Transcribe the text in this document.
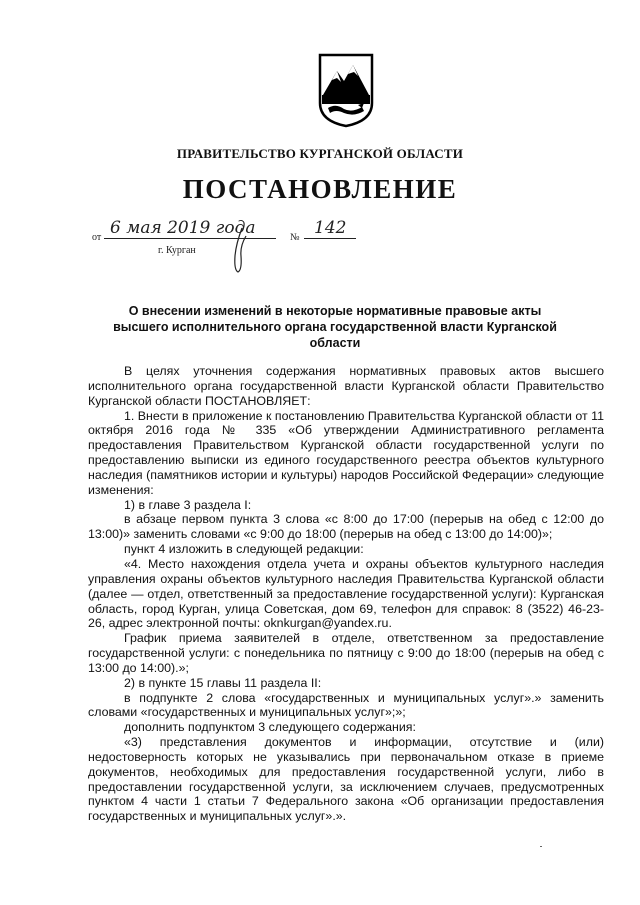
ПРАВИТЕЛЬСТВО КУРГАНСКОЙ ОБЛАСТИ
ПОСТАНОВЛЕНИЕ
от 6 мая 2019 года	№ 142
г. Курган
О внесении изменений в некоторые нормативные правовые акты высшего исполнительного органа государственной власти Курганской области

В целях уточнения содержания нормативных правовых актов высшего исполнительного органа государственной власти Курганской области Правительство Курганской области ПОСТАНОВЛЯЕТ:

1. Внести в приложение к постановлению Правительства Курганской области от 11 октября 2016 года № 335 «Об утверждении Административного регламента предоставления Правительством Курганской области государственной услуги по предоставлению выписки из единого государственного реестра объектов культурного наследия (памятников истории и культуры) народов Российской Федерации» следующие изменения:

1) в главе 3 раздела I:

в абзаце первом пункта 3 слова «с 8:00 до 17:00 (перерыв на обед с 12:00 до 13:00)» заменить словами «с 9:00 до 18:00 (перерыв на обед с 13:00 до 14:00)»;

пункт 4 изложить в следующей редакции:

«4. Место нахождения отдела учета и охраны объектов культурного наследия управления охраны объектов культурного наследия Правительства Курганской области (далее — отдел, ответственный за предоставление государственной услуги): Курганская область, город Курган, улица Советская, дом 69, телефон для справок: 8 (3522) 46-23-26, адрес электронной почты: oknkurgan@yandex.ru.

График приема заявителей в отделе, ответственном за предоставление государственной услуги: с понедельника по пятницу с 9:00 до 18:00 (перерыв на обед с 13:00 до 14:00).»;

2) в пункте 15 главы 11 раздела II:

в подпункте 2 слова «государственных и муниципальных услуг».» заменить словами «государственных и муниципальных услуг»;»;

дополнить подпунктом 3 следующего содержания:

«3) представления документов и информации, отсутствие и (или) недостоверность которых не указывались при первоначальном отказе в приеме документов, необходимых для предоставления государственной услуги, либо в предоставлении государственной услуги, за исключением случаев, предусмотренных пунктом 4 части 1 статьи 7 Федерального закона «Об организации предоставления государственных и муниципальных услуг».».
